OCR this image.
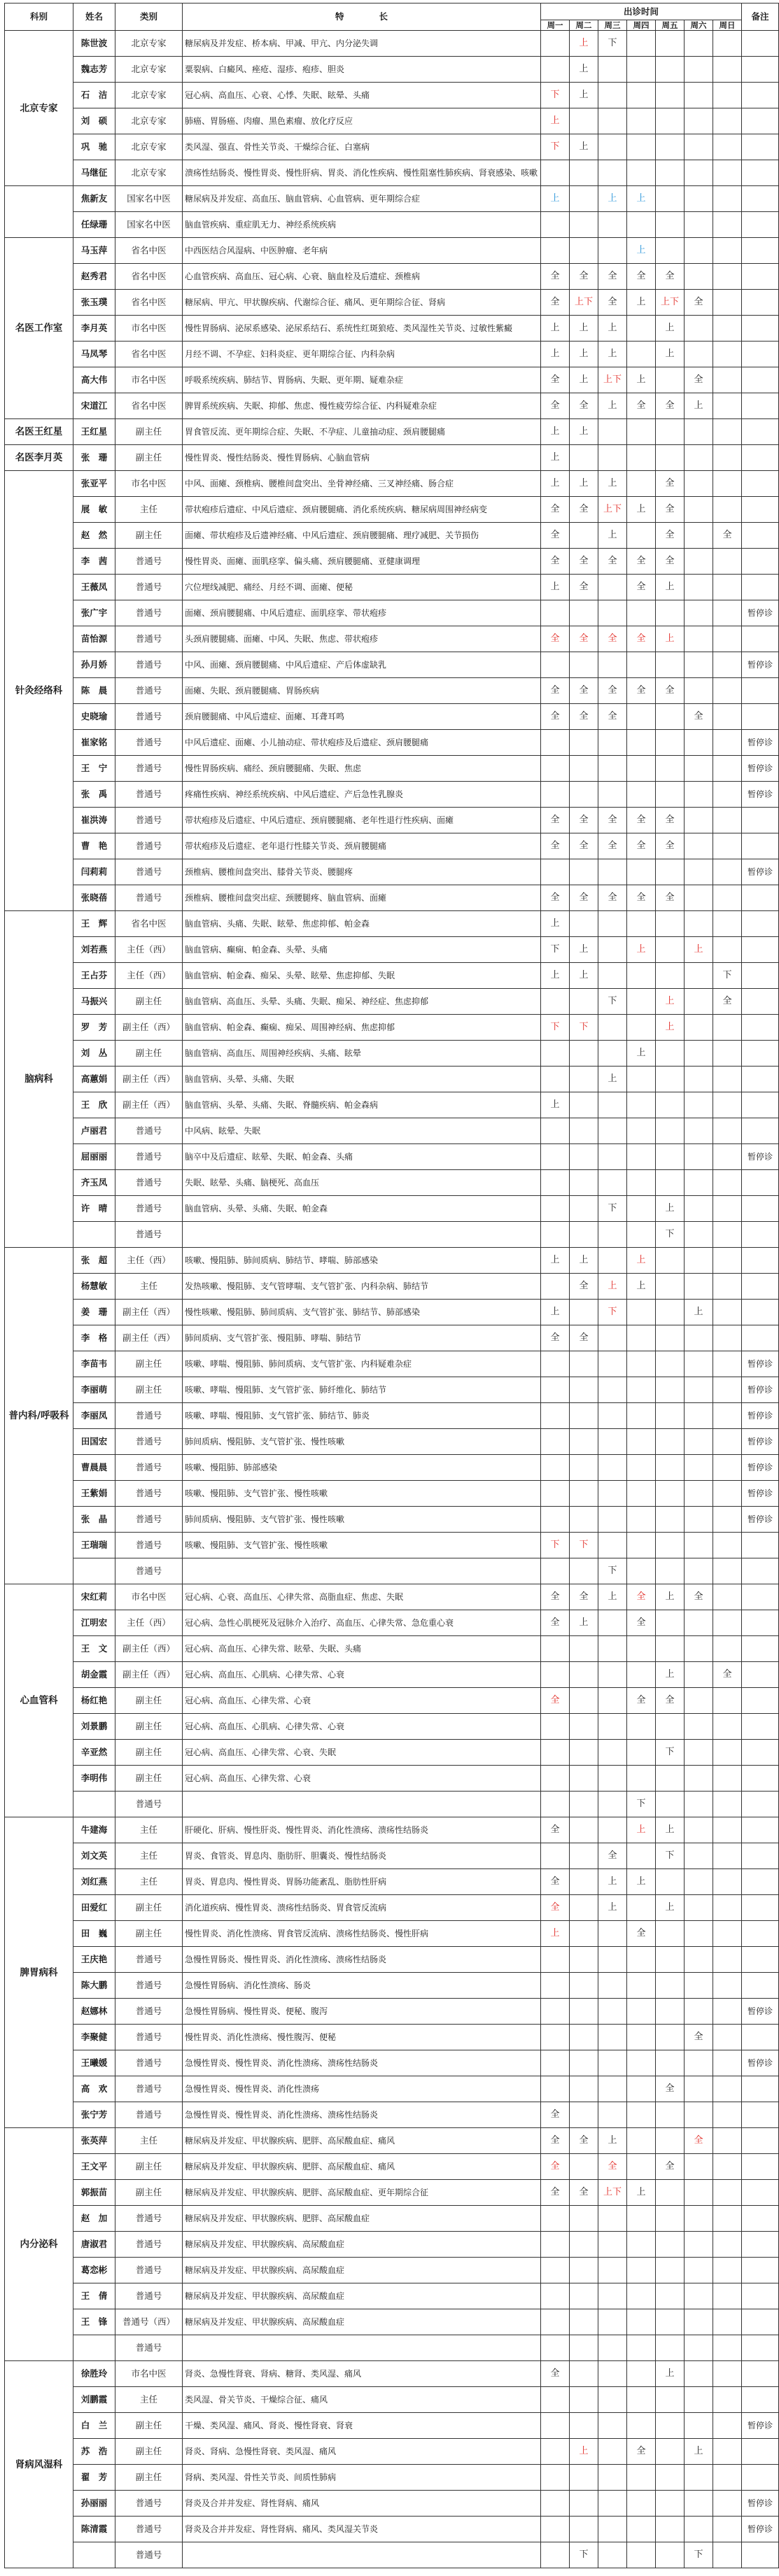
科别	姓名	类别	特　　　　长	出诊时间							备注
				周一	周二	周三	周四	周五	周六	周日	
北京专家	陈世波	北京专家	糖尿病及并发症、桥本病、甲减、甲亢、内分泌失调		上	下					
	魏志芳	北京专家	粟裂病、白癜风、痤疮、湿疹、疱疹、胆炎		上						
	石　洁	北京专家	冠心病、高血压、心衰、心悸、失眠、眩晕、头痛	下	上						
	刘　硕	北京专家	肺癌、胃肠癌、肉瘤、黑色素瘤、放化疗反应	上							
	巩　驰	北京专家	类风湿、强直、骨性关节炎、干燥综合征、白塞病	下	上						
	马继征	北京专家	溃疡性结肠炎、慢性胃炎、慢性肝病、胃炎、消化性疾病、慢性阻塞性肺疾病、肾衰感染、咳嗽								
	焦新友	国家名中医	糖尿病及并发症、高血压、脑血管病、心血管病、更年期综合症	上		上	上				
	任绿珊	国家名中医	脑血管疾病、重症肌无力、神经系统疾病								
名医工作室	马玉萍	省名中医	中西医结合风湿病、中医肿瘤、老年病				上				
	赵秀君	省名中医	心血管疾病、高血压、冠心病、心衰、脑血栓及后遗症、颈椎病	全	全	全	全	全			
	张玉璞	省名中医	糖尿病、甲亢、甲状腺疾病、代谢综合征、痛风、更年期综合征、肾病	全	上下	全	上	上下	全		
	李月英	市名中医	慢性胃肠病、泌尿系感染、泌尿系结石、系统性红斑狼疮、类风湿性关节炎、过敏性紫癜	上	上	上		上			
	马凤琴	省名中医	月经不调、不孕症、妇科炎症、更年期综合征、内科杂病	上	上	上		上			
	高大伟	市名中医	呼吸系统疾病、肺结节、胃肠病、失眠、更年期、疑难杂症	全	上	上下	上		全		
	宋道江	省名中医	脾胃系统疾病、失眠、抑郁、焦虑、慢性疲劳综合征、内科疑难杂症	全	全	上	全	全	上		
名医王红星	王红星	副主任	胃食管反流、更年期综合症、失眠、不孕症、儿童抽动症、颈肩腰腿痛	上	上						
名医李月英	张　珊	副主任	慢性胃炎、慢性结肠炎、慢性胃肠病、心脑血管病	上							
针灸经络科	张亚平	市名中医	中风、面瘫、颈椎病、腰椎间盘突出、坐骨神经痛、三叉神经痛、肠合症	上	上	上		全			
	展　敏	主任	带状疱疹后遗症、中风后遗症、颈肩腰腿痛、消化系统疾病、糖尿病周围神经病变	全	全	上下	上	全			
	赵　然	副主任	面瘫、带状疱疹及后遗神经痛、中风后遗症、颈肩腰腿痛、理疗减肥、关节损伤	全		上		全		全	
	李　茜	普通号	慢性胃炎、面瘫、面肌痉挛、偏头痛、颈肩腰腿痛、亚健康调理	全	全	全	全	全			
	王薇凤	普通号	穴位埋线减肥、痛经、月经不调、面瘫、便秘	上	全		全	上			
	张广宇	普通号	面瘫、颈肩腰腿痛、中风后遗症、面肌痉挛、带状疱疹								暂停诊
	苗怡源	普通号	头颈肩腰腿痛、面瘫、中风、失眠、焦虑、带状疱疹	全	全	全	全	上			
	孙月娇	普通号	中风、面瘫、颈肩腰腿痛、中风后遗症、产后体虚缺乳								暂停诊
	陈　晨	普通号	面瘫、失眠、颈肩腰腿痛、胃肠疾病	全	全	全	全	全			
	史晓瑜	普通号	颈肩腰腿痛、中风后遗症、面瘫、耳聋耳鸣	全	全	全			全		
	崔家铭	普通号	中风后遗症、面瘫、小儿抽动症、带状疱疹及后遗症、颈肩腰腿痛								暂停诊
	王　宁	普通号	慢性胃肠疾病、痛经、颈肩腰腿痛、失眠、焦虑								暂停诊
	张　禹	普通号	疼痛性疾病、神经系统疾病、中风后遗症、产后急性乳腺炎								暂停诊
	崔洪涛	普通号	带状疱疹及后遗症、中风后遗症、颈肩腰腿痛、老年性退行性疾病、面瘫	全	全	全	全	全			
	曹　艳	普通号	带状疱疹及后遗症、老年退行性膝关节炎、颈肩腰腿痛	全	全	全	全	全			
	闫莉莉	普通号	颈椎病、腰椎间盘突出、膝骨关节炎、腰腿疼								暂停诊
	张晓蓓	普通号	颈椎病、腰椎间盘突出症、颈腰腿疼、脑血管病、面瘫	全	全	全	全	全			
脑病科	王　辉	省名中医	脑血管病、头痛、失眠、眩晕、焦虑抑郁、帕金森	上							
	刘若燕	主任（西）	脑血管病、癫痫、帕金森、头晕、头痛	下	上		上		上		
	王占芬	主任（西）	脑血管病、帕金森、痴呆、头晕、眩晕、焦虑抑郁、失眠	上	上					下	
	马振兴	副主任	脑血管病、高血压、头晕、头痛、失眠、痴呆、神经症、焦虑抑郁			下		上		全	
	罗　芳	副主任（西）	脑血管病、帕金森、癫痫、痴呆、周围神经病、焦虑抑郁	下	下			上			
	刘　丛	副主任	脑血管病、高血压、周围神经疾病、头痛、眩晕				上				
	高蕙娟	副主任（西）	脑血管病、头晕、头痛、失眠			上					
	王　欣	副主任（西）	脑血管病、头晕、头痛、失眠、脊髓疾病、帕金森病	上							
	卢丽君	普通号	中风病、眩晕、失眠								
	屈丽丽	普通号	脑卒中及后遗症、眩晕、失眠、帕金森、头痛								暂停诊
	齐玉凤	普通号	失眠、眩晕、头痛、脑梗死、高血压								
	许　晴	普通号	脑血管病、头晕、头痛、失眠、帕金森			下		上			
		普通号						下			
普内科/呼吸科	张　超	主任（西）	咳嗽、慢阻肺、肺间质病、肺结节、哮喘、肺部感染	上	上		上				
	杨慧敏	主任	发热咳嗽、慢阻肺、支气管哮喘、支气管扩张、内科杂病、肺结节		全	上	上				
	姜　珊	副主任（西）	慢性咳嗽、慢阻肺、肺间质病、支气管扩张、肺结节、肺部感染	上		下			上		
	李　格	副主任（西）	肺间质病、支气管扩张、慢阻肺、哮喘、肺结节	全	全						
	李苗韦	副主任	咳嗽、哮喘、慢阻肺、肺间质病、支气管扩张、内科疑难杂症								暂停诊
	李丽萌	副主任	咳嗽、哮喘、慢阻肺、支气管扩张、肺纤维化、肺结节								暂停诊
	李丽凤	普通号	咳嗽、哮喘、慢阻肺、支气管扩张、肺结节、肺炎								暂停诊
	田国宏	普通号	肺间质病、慢阻肺、支气管扩张、慢性咳嗽								暂停诊
	曹晨晨	普通号	咳嗽、慢阻肺、肺部感染								暂停诊
	王紫娟	普通号	咳嗽、慢阻肺、支气管扩张、慢性咳嗽								暂停诊
	张　晶	普通号	肺间质病、慢阻肺、支气管扩张、慢性咳嗽								暂停诊
	王瑞瑞	普通号	咳嗽、慢阻肺、支气管扩张、慢性咳嗽	下	下						
		普通号				下					
心血管科	宋红莉	市名中医	冠心病、心衰、高血压、心律失常、高脂血症、焦虑、失眠	全	全	上	全	上	全		
	江明宏	主任（西）	冠心病、急性心肌梗死及冠脉介入治疗、高血压、心律失常、急危重心衰	全	上		全				
	王　文	副主任（西）	冠心病、高血压、心律失常、眩晕、失眠、头痛								
	胡金霞	副主任（西）	冠心病、高血压、心肌病、心律失常、心衰					上		全	
	杨红艳	副主任	冠心病、高血压、心律失常、心衰	全			全	全			
	刘景鹏	副主任	冠心病、高血压、心肌病、心律失常、心衰								
	辛亚然	副主任	冠心病、高血压、心律失常、心衰、失眠					下			
	李明伟	副主任	冠心病、高血压、心律失常、心衰								
		普通号					下				
脾胃病科	牛建海	主任	肝硬化、肝病、慢性肝炎、慢性胃炎、消化性溃疡、溃疡性结肠炎	全			上	上			
	刘文英	主任	胃炎、食管炎、胃息肉、脂肪肝、胆囊炎、慢性结肠炎			全		下			
	刘红燕	主任	胃炎、胃息肉、慢性胃炎、胃肠功能紊乱、脂肪性肝病	全		上	上				
	田爱红	副主任	消化道疾病、慢性胃炎、溃疡性结肠炎、胃食管反流病	全		上		上			
	田　巍	副主任	慢性胃炎、消化性溃疡、胃食管反流病、溃疡性结肠炎、慢性肝病	上			全				
	王庆艳	普通号	急慢性胃肠炎、慢性胃炎、消化性溃疡、溃疡性结肠炎								
	陈大鹏	普通号	急慢性胃肠病、消化性溃疡、肠炎								
	赵娜林	普通号	急慢性胃肠病、慢性胃炎、便秘、腹泻								暂停诊
	李聚健	普通号	慢性胃炎、消化性溃疡、慢性腹泻、便秘						全		
	王曦媛	普通号	急慢性胃炎、慢性胃炎、消化性溃疡、溃疡性结肠炎								暂停诊
	高　欢	普通号	急慢性胃炎、慢性胃炎、消化性溃疡					全			
	张宁芳	普通号	急慢性胃炎、慢性胃炎、消化性溃疡、溃疡性结肠炎	全							
内分泌科	张英萍	主任	糖尿病及并发症、甲状腺疾病、肥胖、高尿酸血症、痛风	全	全	上			全		
	王文平	副主任	糖尿病及并发症、甲状腺疾病、肥胖、高尿酸血症、痛风	全		全		全			
	郭振苗	副主任	糖尿病及并发症、甲状腺疾病、肥胖、高尿酸血症、更年期综合征	全	全	上下	上				
	赵　加	普通号	糖尿病及并发症、甲状腺疾病、肥胖、高尿酸血症								
	唐淑君	普通号	糖尿病及并发症、甲状腺疾病、高尿酸血症								
	葛恋彬	普通号	糖尿病及并发症、甲状腺疾病、高尿酸血症								
	王　倩	普通号	糖尿病及并发症、甲状腺疾病、高尿酸血症								
	王　锋	普通号（西）	糖尿病及并发症、甲状腺疾病、高尿酸血症								
		普通号									
肾病风湿科	徐胜玲	市名中医	肾炎、急慢性肾衰、肾病、糖肾、类风湿、痛风	全				上			
	刘鹏霞	主任	类风湿、骨关节炎、干燥综合征、痛风								
	白　兰	副主任	干燥、类风湿、痛风、肾炎、慢性肾衰、肾衰								暂停诊
	苏　浩	副主任	肾炎、肾病、急慢性肾衰、类风湿、痛风		上		全		上		
	翟　芳	副主任	肾病、类风湿、骨性关节炎、间质性肺病								
	孙丽丽	普通号	肾炎及合并并发症、肾性肾病、痛风								暂停诊
	陈清霞	普通号	肾炎及合并并发症、肾性肾病、痛风、类风湿关节炎								暂停诊
		普通号			下				下		
